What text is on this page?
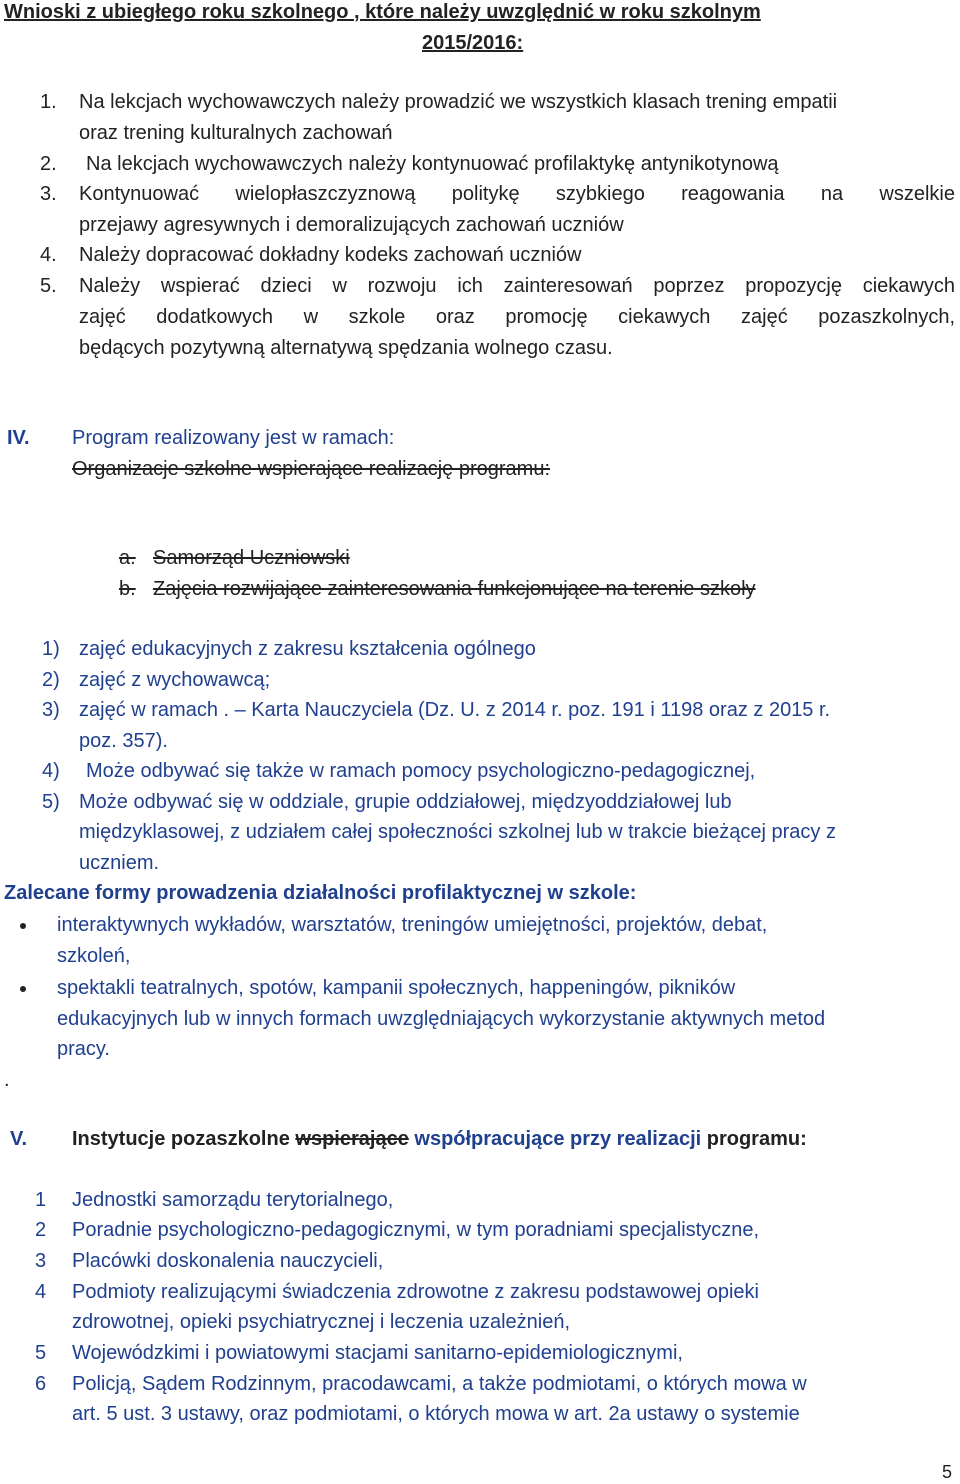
Wnioski z ubiegłego roku szkolnego , które należy uwzględnić w roku szkolnym
2015/2016:
1. Na lekcjach wychowawczych należy prowadzić we wszystkich klasach trening empatii
oraz trening kulturalnych zachowań
2. Na lekcjach wychowawczych należy kontynuować profilaktykę antynikotynową
3. Kontynuować wielopłaszczyznową politykę szybkiego reagowania na wszelkie
przejawy agresywnych i demoralizujących zachowań uczniów
4. Należy dopracować dokładny kodeks zachowań uczniów
5. Należy wspierać dzieci w rozwoju ich zainteresowań poprzez propozycję ciekawych
zajęć dodatkowych w szkole oraz promocję ciekawych zajęć pozaszkolnych,
będących pozytywną alternatywą spędzania wolnego czasu.
IV. Program realizowany jest w ramach:
Organizacje szkolne wspierające realizację programu:
a. Samorząd Uczniowski
b. Zajęcia rozwijające zainteresowania funkcjonujące na terenie szkoły
1) zajęć edukacyjnych z zakresu kształcenia ogólnego
2) zajęć z wychowawcą;
3) zajęć w ramach . – Karta Nauczyciela (Dz. U. z 2014 r. poz. 191 i 1198 oraz z 2015 r.
poz. 357).
4) Może odbywać się także w ramach pomocy psychologiczno-pedagogicznej,
5) Może odbywać się w oddziale, grupie oddziałowej, międzyoddziałowej lub
międzyklasowej, z udziałem całej społeczności szkolnej lub w trakcie bieżącej pracy z
uczniem.
Zalecane formy prowadzenia działalności profilaktycznej w szkole:
interaktywnych wykładów, warsztatów, treningów umiejętności, projektów, debat,
szkoleń,
spektakli teatralnych, spotów, kampanii społecznych, happeningów, pikników
edukacyjnych lub w innych formach uwzględniających wykorzystanie aktywnych metod
pracy.
.
V. Instytucje pozaszkolne wspierające współpracujące przy realizacji programu:
1 Jednostki samorządu terytorialnego,
2 Poradnie psychologiczno-pedagogicznymi, w tym poradniami specjalistyczne,
3 Placówki doskonalenia nauczycieli,
4 Podmioty realizującymi świadczenia zdrowotne z zakresu podstawowej opieki
zdrowotnej, opieki psychiatrycznej i leczenia uzależnień,
5 Wojewódzkimi i powiatowymi stacjami sanitarno-epidemiologicznymi,
6 Policją, Sądem Rodzinnym, pracodawcami, a także podmiotami, o których mowa w
art. 5 ust. 3 ustawy, oraz podmiotami, o których mowa w art. 2a ustawy o systemie
5
